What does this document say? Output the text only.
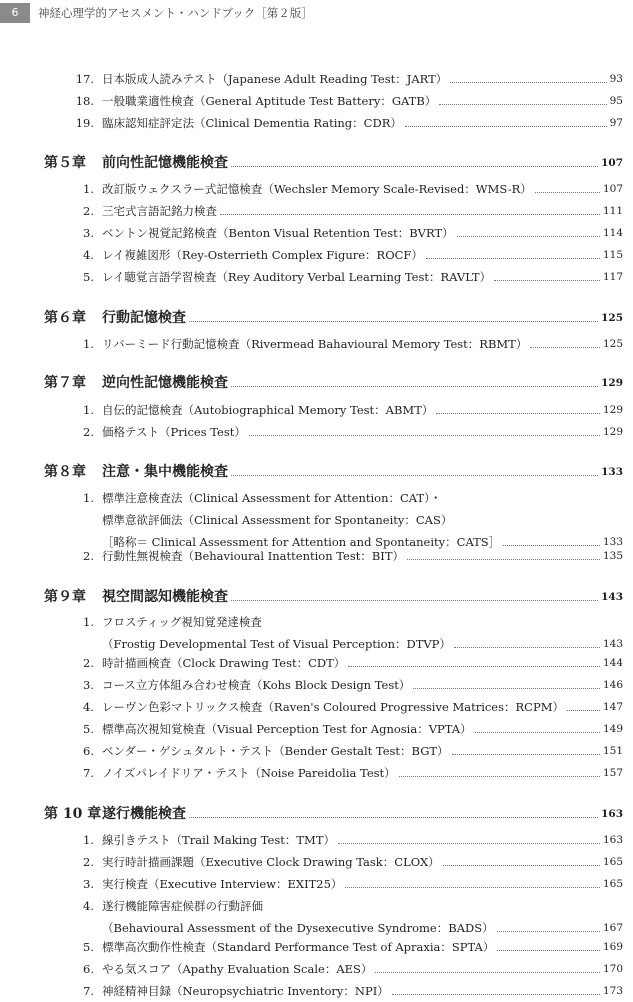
6	神経心理学的アセスメント・ハンドブック［第２版］
17. 日本版成人読みテスト（Japanese Adult Reading Test：JART）	93
18. 一般職業適性検査（General Aptitude Test Battery：GATB）	95
19. 臨床認知症評定法（Clinical Dementia Rating：CDR）	97
第５章 前向性記憶機能検査	107
1. 改訂版ウェクスラー式記憶検査（Wechsler Memory Scale-Revised：WMS-R）	107
2. 三宅式言語記銘力検査	111
3. ベントン視覚記銘検査（Benton Visual Retention Test：BVRT）	114
4. レイ複雑図形（Rey-Osterrieth Complex Figure：ROCF）	115
5. レイ聴覚言語学習検査（Rey Auditory Verbal Learning Test：RAVLT）	117
第６章 行動記憶検査	125
1. リバーミード行動記憶検査（Rivermead Bahavioural Memory Test：RBMT）	125
第７章 逆向性記憶機能検査	129
1. 自伝的記憶検査（Autobiographical Memory Test：ABMT）	129
2. 価格テスト（Prices Test）	129
第８章 注意・集中機能検査	133
1. 標準注意検査法（Clinical Assessment for Attention：CAT）・
標準意欲評価法（Clinical Assessment for Spontaneity：CAS）
［略称＝ Clinical Assessment for Attention and Spontaneity：CATS］	133
2. 行動性無視検査（Behavioural Inattention Test：BIT）	135
第９章 視空間認知機能検査	143
1. フロスティッグ視知覚発達検査
（Frostig Developmental Test of Visual Perception：DTVP）	143
2. 時計描画検査（Clock Drawing Test：CDT）	144
3. コース立方体組み合わせ検査（Kohs Block Design Test）	146
4. レーヴン色彩マトリックス検査（Raven's Coloured Progressive Matrices：RCPM）	147
5. 標準高次視知覚検査（Visual Perception Test for Agnosia：VPTA）	149
6. ベンダー・ゲシュタルト・テスト（Bender Gestalt Test：BGT）	151
7. ノイズパレイドリア・テスト（Noise Pareidolia Test）	157
第 10 章 遂行機能検査	163
1. 線引きテスト（Trail Making Test：TMT）	163
2. 実行時計描画課題（Executive Clock Drawing Task：CLOX）	165
3. 実行検査（Executive Interview：EXIT25）	165
4. 遂行機能障害症候群の行動評価
（Behavioural Assessment of the Dysexecutive Syndrome：BADS）	167
5. 標準高次動作性検査（Standard Performance Test of Apraxia：SPTA）	169
6. やる気スコア（Apathy Evaluation Scale：AES）	170
7. 神経精神目録（Neuropsychiatric Inventory：NPI）	173
